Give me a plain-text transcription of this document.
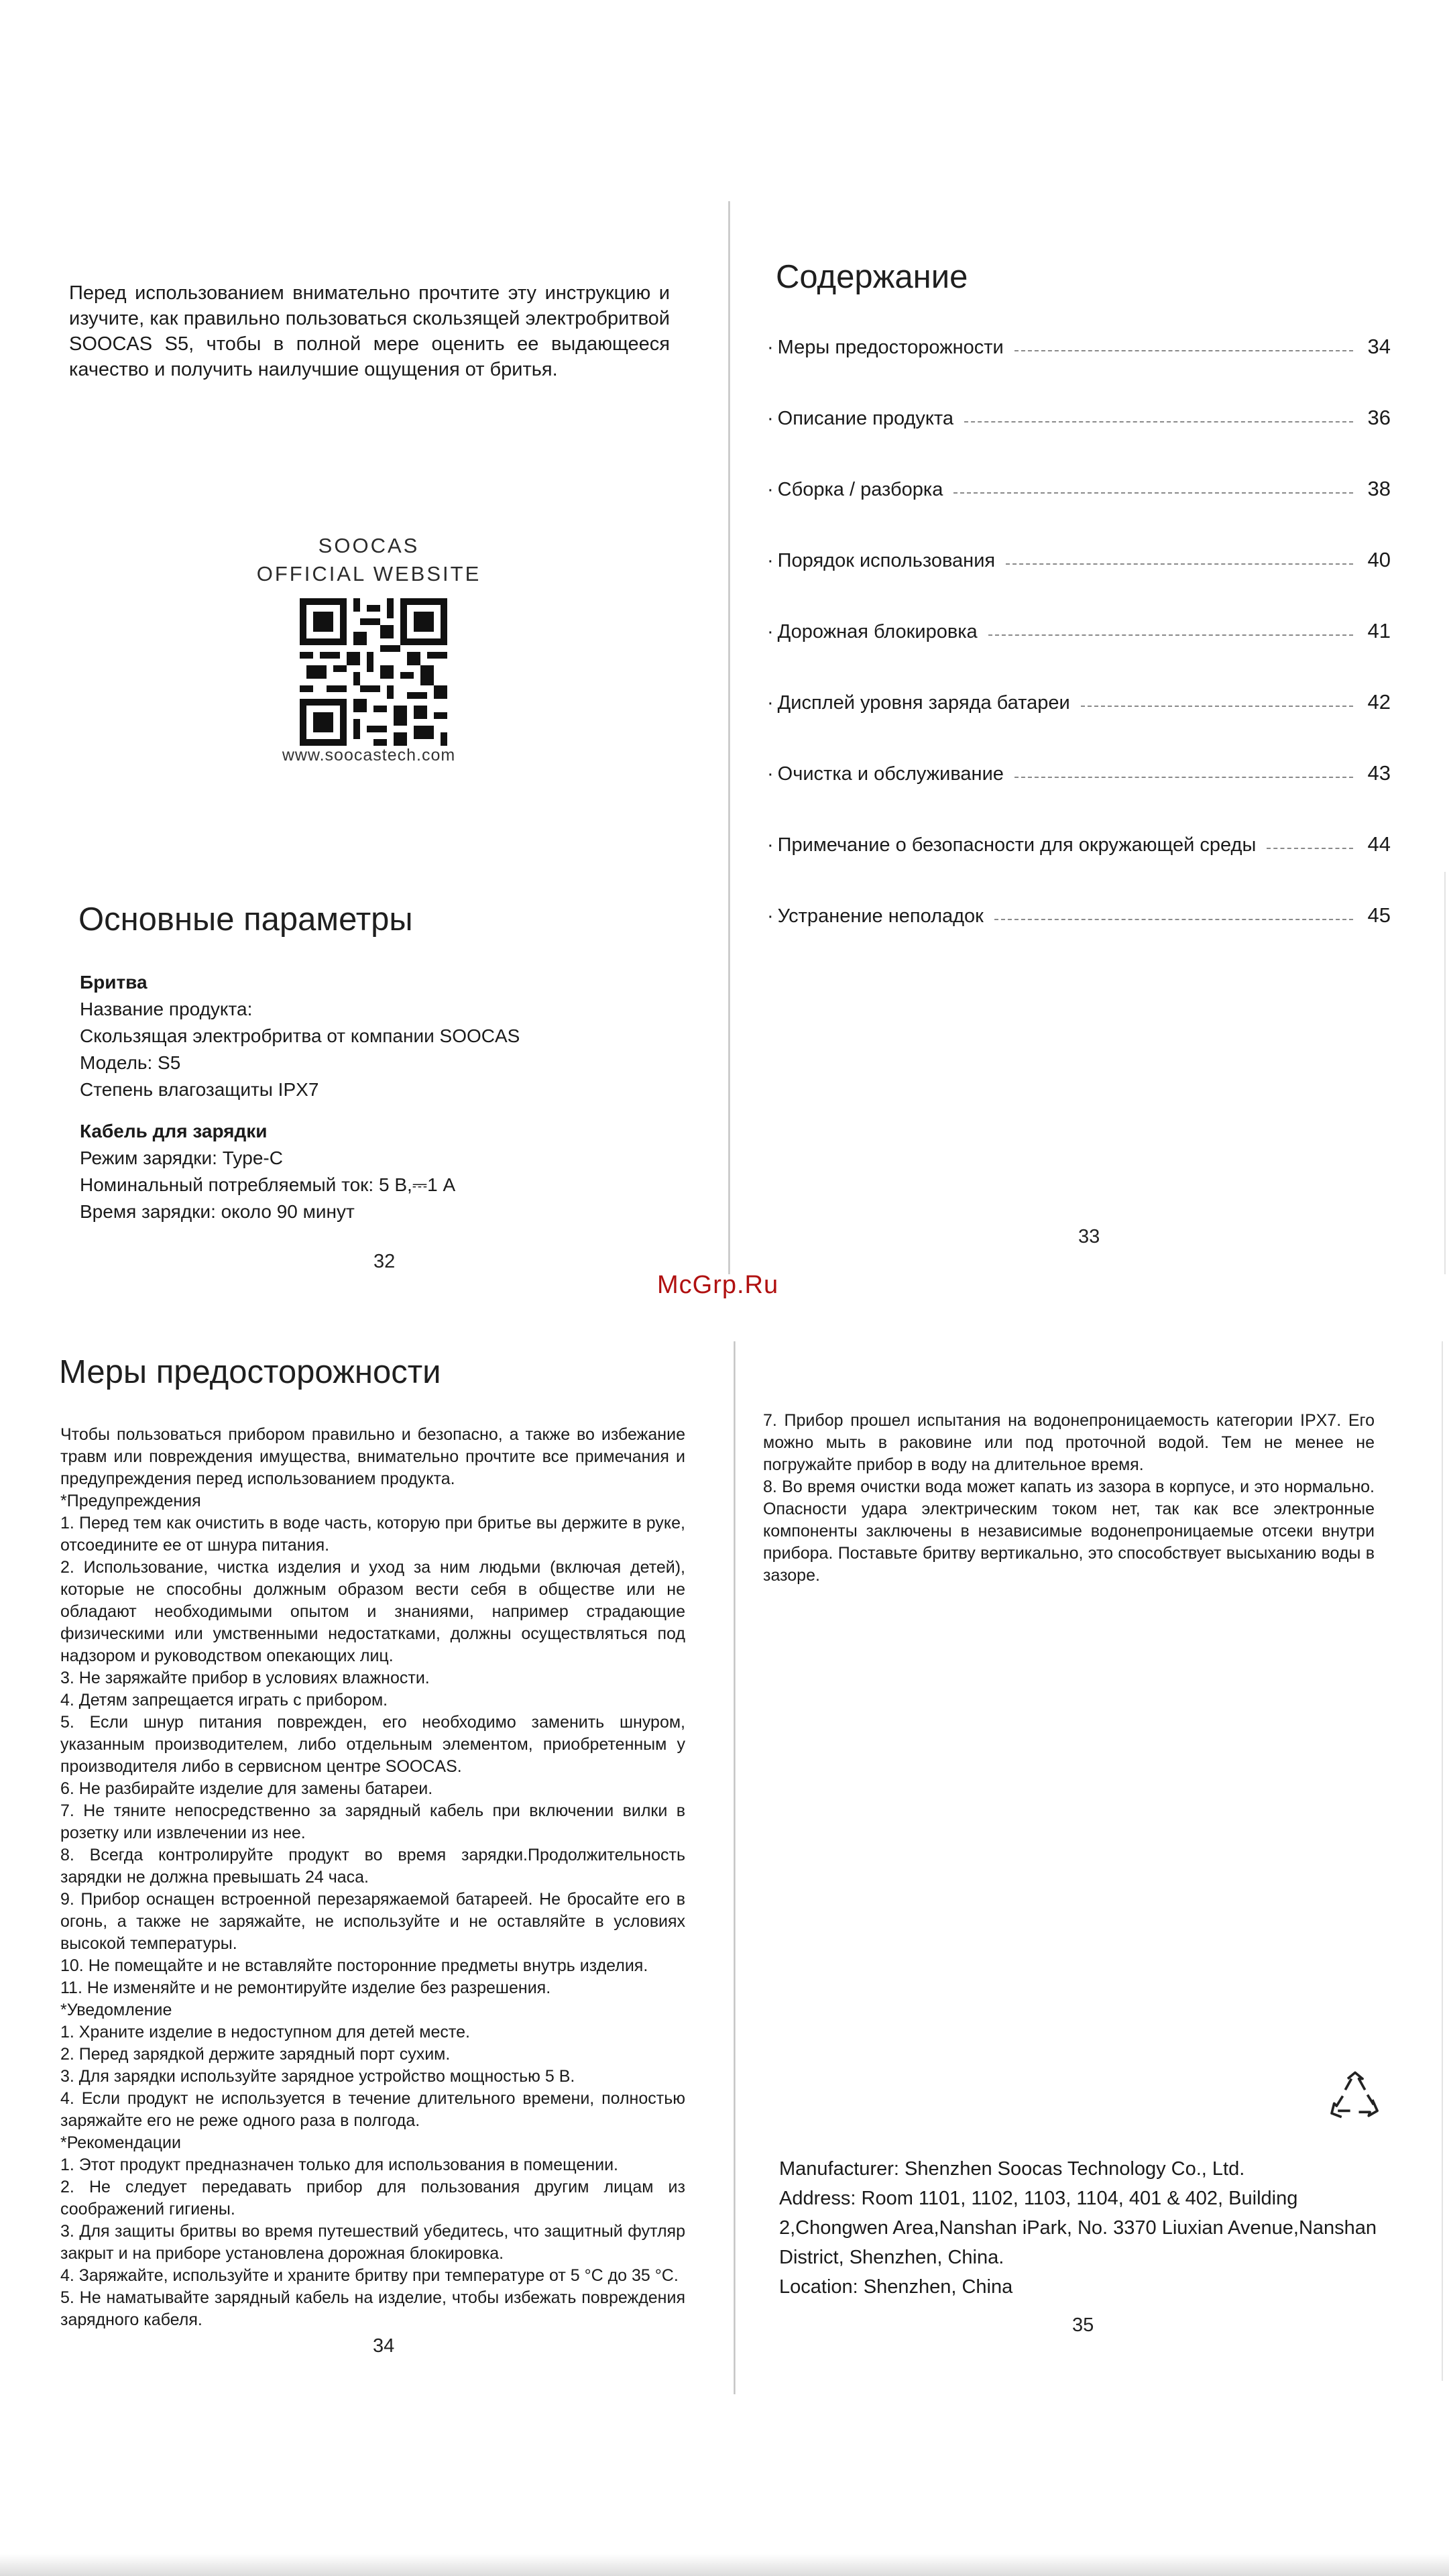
Перед использованием внимательно прочтите эту инструкцию и изучите, как правильно пользоваться скользящей электробритвой SOOCAS S5, чтобы в полной мере оценить ее выдающееся качество и получить наилучшие ощущения от бритья.
SOOCAS
OFFICIAL WEBSITE
www.soocastech.com
Основные параметры
Бритва
Название продукта:
Скользящая электробритва от компании SOOCAS
Модель: S5
Степень влагозащиты IPX7
Кабель для зарядки
Режим зарядки: Type-C
Номинальный потребляемый ток: 5 В,⎓1 A
Время зарядки: около 90 минут
32
Содержание
· Меры предосторожности	34
· Описание продукта	36
· Сборка / разборка	38
· Порядок использования	40
· Дорожная блокировка	41
· Дисплей уровня заряда батареи	42
· Очистка и обслуживание	43
· Примечание о безопасности для окружающей среды	44
· Устранение неполадок	45
33
McGrp.Ru
Меры предосторожности

Чтобы пользоваться прибором правильно и безопасно, а также во избежание травм или повреждения имущества, внимательно прочтите все примечания и предупреждения перед использованием продукта.

*Предупреждения

1. Перед тем как очистить в воде часть, которую при бритье вы держите в руке, отсоедините ее от шнура питания.

2. Использование, чистка изделия и уход за ним людьми (включая детей), которые не способны должным образом вести себя в обществе или не обладают необходимыми опытом и знаниями, например страдающие физическими или умственными недостатками, должны осуществляться под надзором и руководством опекающих лиц.

3. Не заряжайте прибор в условиях влажности.

4. Детям запрещается играть с прибором.

5. Если шнур питания поврежден, его необходимо заменить шнуром, указанным производителем, либо отдельным элементом, приобретенным у производителя либо в сервисном центре SOOCAS.

6. Не разбирайте изделие для замены батареи.

7. Не тяните непосредственно за зарядный кабель при включении вилки в розетку или извлечении из нее.

8. Всегда контролируйте продукт во время зарядки.Продолжительность зарядки не должна превышать 24 часа.

9. Прибор оснащен встроенной перезаряжаемой батареей. Не бросайте его в огонь, а также не заряжайте, не используйте и не оставляйте в условиях высокой температуры.

10. Не помещайте и не вставляйте посторонние предметы внутрь изделия.

11. Не изменяйте и не ремонтируйте изделие без разрешения.

*Уведомление

1. Храните изделие в недоступном для детей месте.

2. Перед зарядкой держите зарядный порт сухим.

3. Для зарядки используйте зарядное устройство мощностью 5 В.

4. Если продукт не используется в течение длительного времени, полностью заряжайте его не реже одного раза в полгода.

*Рекомендации

1. Этот продукт предназначен только для использования в помещении.

2. Не следует передавать прибор для пользования другим лицам из соображений гигиены.

3. Для защиты бритвы во время путешествий убедитесь, что защитный футляр закрыт и на приборе установлена дорожная блокировка.

4. Заряжайте, используйте и храните бритву при температуре от 5 °С до 35 °С.

5. Не наматывайте зарядный кабель на изделие, чтобы избежать повреждения зарядного кабеля.

34

7. Прибор прошел испытания на водонепроницаемость категории IPX7. Его можно мыть в раковине или под проточной водой. Тем не менее не погружайте прибор в воду на длительное время.

8. Во время очистки вода может капать из зазора в корпусе, и это нормально. Опасности удара электрическим током нет, так как все электронные компоненты заключены в независимые водонепроницаемые отсеки внутри прибора. Поставьте бритву вертикально, это способствует высыханию воды в зазоре.

Manufacturer: Shenzhen Soocas Technology Co., Ltd.
Address: Room 1101, 1102, 1103, 1104, 401 & 402, Building 2,Chongwen Area,Nanshan iPark, No. 3370 Liuxian Avenue,Nanshan District, Shenzhen, China.
Location: Shenzhen, China
35
